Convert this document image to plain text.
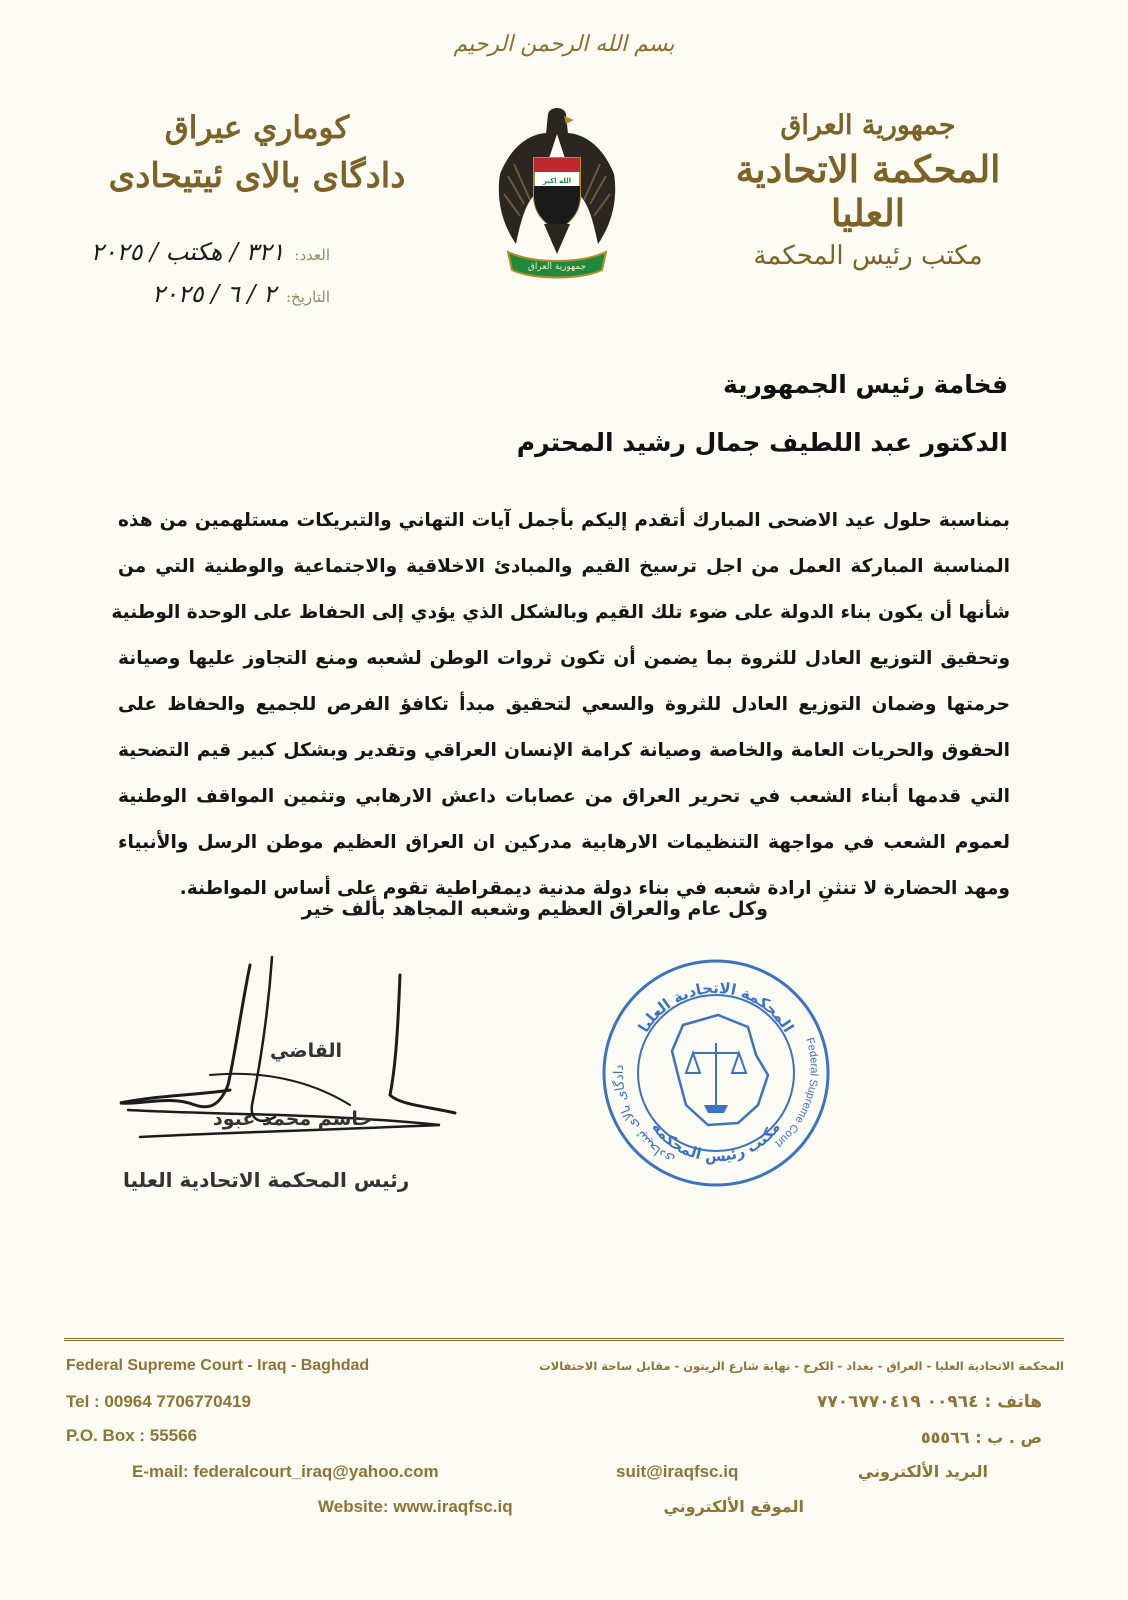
بسم الله الرحمن الرحيم
جمهورية العراق
المحكمة الاتحادية العليا
مكتب رئيس المحكمة
كوماري عيراق
دادگای بالای ئیتیحادی	الله اكبر
جمهورية العراق
العدد:
٣٢١ / هكتب / ٢٠٢٥
التاريخ:
٢ / ٦ / ٢٠٢٥
فخامة رئيس الجمهورية
الدكتور عبد اللطيف جمال رشيد المحترم
بمناسبة حلول عيد الاضحى المبارك أتقدم إليكم بأجمل آيات التهاني والتبريكات مستلهمين من هذه
المناسبة المباركة العمل من اجل ترسيخ القيم والمبادئ الاخلاقية والاجتماعية والوطنية التي من
شأنها أن يكون بناء الدولة على ضوء تلك القيم وبالشكل الذي يؤدي إلى الحفاظ على الوحدة الوطنية
وتحقيق التوزيع العادل للثروة بما يضمن أن تكون ثروات الوطن لشعبه ومنع التجاوز عليها وصيانة
حرمتها وضمان التوزيع العادل للثروة والسعي لتحقيق مبدأ تكافؤ الفرص للجميع والحفاظ على
الحقوق والحريات العامة والخاصة وصيانة كرامة الإنسان العراقي وتقدير وبشكل كبير قيم التضحية
التي قدمها أبناء الشعب في تحرير العراق من عصابات داعش الارهابي وتثمين المواقف الوطنية
لعموم الشعب في مواجهة التنظيمات الارهابية مدركين ان العراق العظيم موطن الرسل والأنبياء
ومهد الحضارة لا تنثنِ ارادة شعبه في بناء دولة مدنية ديمقراطية تقوم على أساس المواطنة.
وكل عام والعراق العظيم وشعبه المجاهد بألف خير
القاضي
جاسم محمد عبود
رئيس المحكمة الاتحادية العليا
المحكمة الاتحادية العليا
دادگای بالای ئیتیحادی
Federal Supreme Court
مكتب رئيس المحكمة
Federal Supreme Court - Iraq - Baghdad	المحكمة الاتحادية العليا - العراق - بغداد - الكرخ - نهاية شارع الزيتون - مقابل ساحة الاحتفالات
Tel : 00964 7706770419	هاتف : ٠٠٩٦٤ ٧٧٠٦٧٧٠٤١٩
P.O. Box : 55566	ص . ب : ٥٥٥٦٦
E-mail: federalcourt_iraq@yahoo.com	suit@iraqfsc.iq	البريد الألكتروني
Website: www.iraqfsc.iq	الموقع الألكتروني
